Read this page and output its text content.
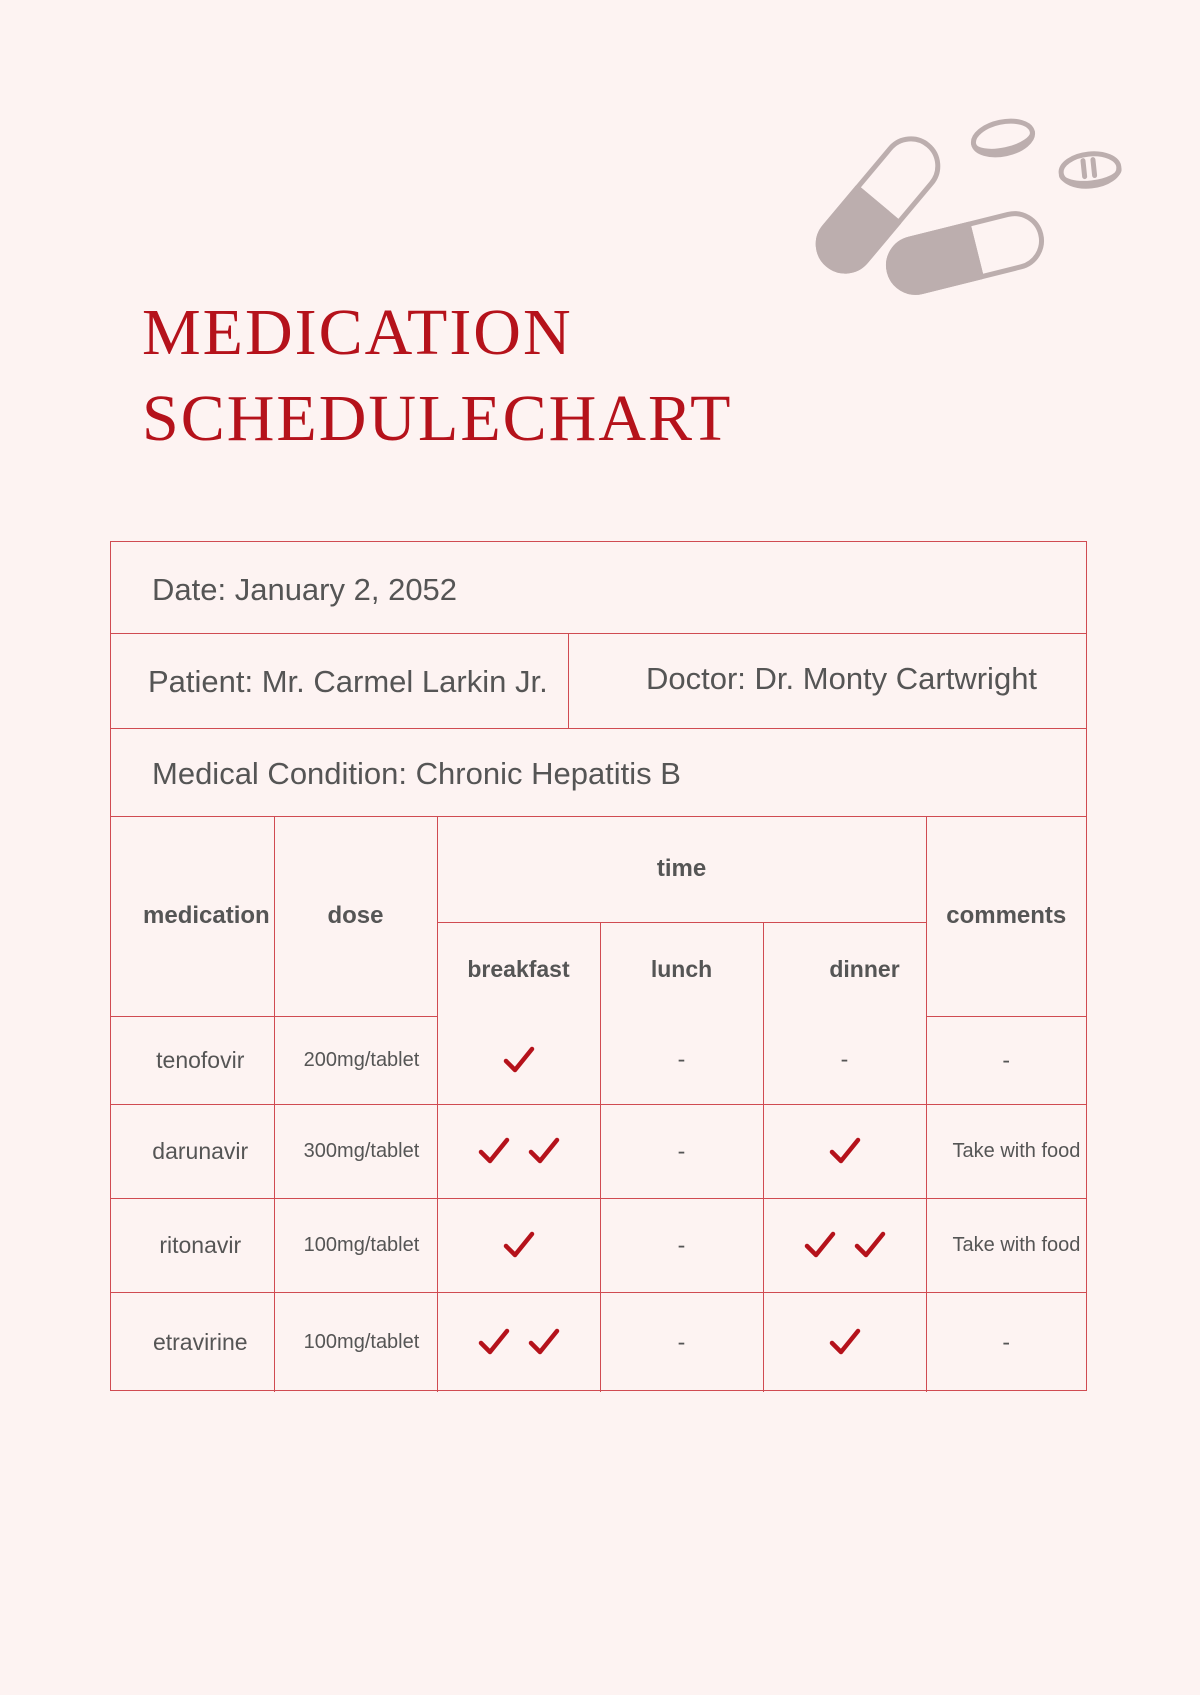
MEDICATION
SCHEDULECHART
Date: January 2, 2052
Patient: Mr. Carmel Larkin Jr.	Doctor: Dr. Monty Cartwright
Medical Condition: Chronic Hepatitis B
medication	dose	time			comments
		breakfast	lunch	dinner	
tenofovir	200mg/tablet		-	-	-
darunavir	300mg/tablet		-		Take with food
ritonavir	100mg/tablet		-		Take with food
etravirine	100mg/tablet		-		-
